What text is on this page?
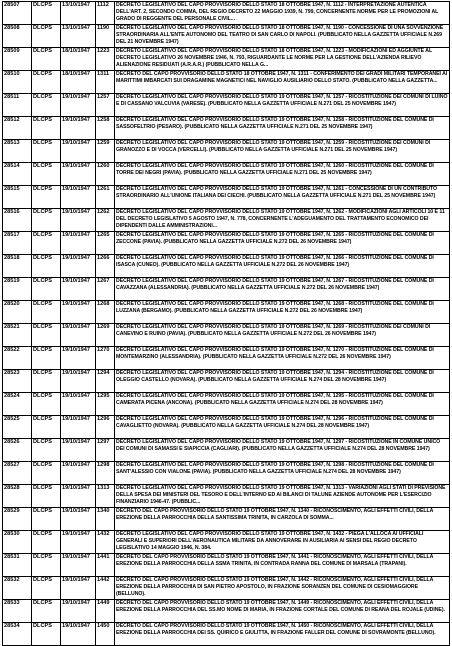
28507	DLCPS	13/10/1947	1112	DECRETO LEGISLATIVO DEL CAPO PROVVISORIO DELLO STATO 18 OTTOBRE 1947, N. 1112 - INTERPRETAZIONE AUTENTICA DELL'ART. 2, SECONDO COMMA, DEL REGIO DECRETO 22 MAGGIO 1939, N. 799, CONCERNENTE NORME PER LE PROMOZIONI AL GRADO DI REGGENTE DEL PERSONALE CIVIL...

28508	DLCPS	13/10/1947	1190	DECRETO LEGISLATIVO DEL CAPO PROVVISORIO DELLO STATO 18 OTTOBRE 1947, N. 1190 - CONCESSIONE DI UNA SOVVENZIONE STRAORDINARIA ALL'ENTE AUTONOMO DEL TEATRO DI SAN CARLO DI NAPOLI. (PUBBLICATO NELLA GAZZETTA UFFICIALE N.269 DEL 21 NOVEMBRE 1947)

28509	DLCPS	18/10/1947	1223	DECRETO LEGISLATIVO DEL CAPO PROVVISORIO DELLO STATO 18 OTTOBRE 1947, N. 1223 - MODIFICAZIONI ED AGGIUNTE AL DECRETO LEGISLATIVO 26 NOVEMBRE 1946, N. 793, RIGUARDANTE LE NORME PER LA GESTIONE DELL'AZIENDA RILIEVO ALIENAZIONE RESIDUATI (A.R.A.R.) (PUBBLICATO NELLA G...

28510	DLCPS	18/10/1947	1311	DECRETO DEL CAPO PROVVISORIO DELLO STATO 18 OTTOBRE 1947, N. 1311 - CONFERIMENTO DEI GRADI MILITARI TEMPORANEI AI MARITTIMI IMBARCATI SUI DRAGAMINE MAGNETICI NEL NAVIGLIO AUSILIARIO DELLO STATO. (PUBBLICATO NELLA GAZZETTA...

28511	DLCPS	19/10/1947	1257	DECRETO LEGISLATIVO DEL CAPO PROVVISORIO DELLO STATO 19 OTTOBRE 1947, N. 1257 - RICOSTITUZIONE DEI COMUNI DI LUINO E DI CASSANO VALCUVIA (VARESE). (PUBBLICATO NELLA GAZZETTA UFFICIALE N.271 DEL 25 NOVEMBRE 1947)

28512	DLCPS	19/10/1947	1258	DECRETO LEGISLATIVO DEL CAPO PROVVISORIO DELLO STATO 19 OTTOBRE 1947, N. 1258 - RICOSTITUZIONE DEL COMUNE DI SASSOFELTRIO (PESARO). (PUBBLICATO NELLA GAZZETTA UFFICIALE N.271 DEL 25 NOVEMBRE 1947)

28513	DLCPS	19/10/1947	1259	DECRETO LEGISLATIVO DEL CAPO PROVVISORIO DELLO STATO 19 OTTOBRE 1947, N. 1259 - RICOSTITUZIONE DEI COMUNI DI GRANOZZO E DI VOCCA (VERCELLI). (PUBBLICATO NELLA GAZZETTA UFFICIALE N.271 DEL 25 NOVEMBRE 1947)

28514	DLCPS	19/10/1947	1260	DECRETO LEGISLATIVO DEL CAPO PROVVISORIO DELLO STATO 19 OTTOBRE 1947, N. 1260 - RICOSTITUZIONE DEL COMUNE DI TORRE DEI NEGRI (PAVIA). (PUBBLICATO NELLA GAZZETTA UFFICIALE N.271 DEL 25 NOVEMBRE 1947)

28515	DLCPS	19/10/1947	1261	DECRETO LEGISLATIVO DEL CAPO PROVVISORIO DELLO STATO 19 OTTOBRE 1947, N. 1261 - CONCESSIONE DI UN CONTRIBUTO STRAORDINARIO ALL'UNIONE ITALIANA DEI CIECHI. (PUBBLICATO NELLA GAZZETTA UFFICIALE N.271 DEL 25 NOVEMBRE 1947)

28516	DLCPS	19/10/1947	1262	DECRETO LEGISLATIVO DEL CAPO PROVVISORIO DELLO STATO 19 OTTOBRE 1947, N. 1262 - MODIFICAZIONI AGLI ARTICOLI 10 E 11 DEL DECRETO LEGISLATIVO 5 AGOSTO 1947, N. 778, CONCERNENTE L'ADEGUAMENTO DEL TRATTAMENTO ECONOMICO DEI DIPENDENTI DALLE AMMINISTRAZIONI...

28517	DLCPS	19/10/1947	1265	DECRETO LEGISLATIVO DEL CAPO PROVVISORIO DELLO STATO 19 OTTOBRE 1947, N. 1265 - RICOSTITUZIONE DEL COMUNE DI ZECCONE (PAVIA). (PUBBLICATO NELLA GAZZETTA UFFICIALE N.272 DEL 26 NOVEMBRE 1947)

28518	DLCPS	19/10/1947	1266	DECRETO LEGISLATIVO DEL CAPO PROVVISORIO DELLO STATO 19 OTTOBRE 1947, N. 1266 - RICOSTITUZIONE DEL COMUNE DI ISASCA (CUNEO). (PUBBLICATO NELLA GAZZETTA UFFICIALE N.272 DEL 26 NOVEMBRE 1947)

28519	DLCPS	19/10/1947	1267	DECRETO LEGISLATIVO DEL CAPO PROVVISORIO DELLO STATO 19 OTTOBRE 1947, N. 1267 - RICOSTITUZIONE DEL COMUNE DI CAVAZZANA (ALESSANDRIA). (PUBBLICATO NELLA GAZZETTA UFFICIALE N.272 DEL 26 NOVEMBRE 1947)

28520	DLCPS	19/10/1947	1268	DECRETO LEGISLATIVO DEL CAPO PROVVISORIO DELLO STATO 19 OTTOBRE 1947, N. 1268 - RICOSTITUZIONE DEL COMUNE DI LUZZANA (BERGAMO). (PUBBLICATO NELLA GAZZETTA UFFICIALE N.272 DEL 26 NOVEMBRE 1947)

28521	DLCPS	19/10/1947	1269	DECRETO LEGISLATIVO DEL CAPO PROVVISORIO DELLO STATO 19 OTTOBRE 1947, N. 1269 - RICOSTITUZIONE DEI COMUNI DI CANEVINO E RUINO (PAVIA). (PUBBLICATO NELLA GAZZETTA UFFICIALE N.272 DEL 26 NOVEMBRE 1947)

28522	DLCPS	19/10/1947	1270	DECRETO LEGISLATIVO DEL CAPO PROVVISORIO DELLO STATO 19 OTTOBRE 1947, N. 1270 - RICOSTITUZIONE DEL COMUNE DI MONTEMARZINO (ALESSANDRIA). (PUBBLICATO NELLA GAZZETTA UFFICIALE N.272 DEL 26 NOVEMBRE 1947)

28523	DLCPS	19/10/1947	1294	DECRETO LEGISLATIVO DEL CAPO PROVVISORIO DELLO STATO 19 OTTOBRE 1947, N. 1294 - RICOSTITUZIONE DEL COMUNE DI OLEGGIO CASTELLO (NOVARA). (PUBBLICATO NELLA GAZZETTA UFFICIALE N.274 DEL 28 NOVEMBRE 1947)

28524	DLCPS	19/10/1947	1295	DECRETO LEGISLATIVO DEL CAPO PROVVISORIO DELLO STATO 19 OTTOBRE 1947, N. 1295 - RICOSTITUZIONE DEL COMUNE DI CAMERATA PICENA (ANCONA). (PUBBLICATO NELLA GAZZETTA UFFICIALE N.274 DEL 28 NOVEMBRE 1947)

28525	DLCPS	19/10/1947	1296	DECRETO LEGISLATIVO DEL CAPO PROVVISORIO DELLO STATO 19 OTTOBRE 1947, N. 1296 - RICOSTITUZIONE DEL COMUNE DI CAVAGLIETTO (NOVARA). (PUBBLICATO NELLA GAZZETTA UFFICIALE N.274 DEL 28 NOVEMBRE 1947)

28526	DLCPS	19/10/1947	1297	DECRETO LEGISLATIVO DEL CAPO PROVVISORIO DELLO STATO 19 OTTOBRE 1947, N. 1297 - RICOSTITUZIONE IN COMUNE UNICO DEI COMUNI DI SAMASSI E SIAPICCIA (CAGLIARI). (PUBBLICATO NELLA GAZZETTA UFFICIALE N.274 DEL 28 NOVEMBRE 1947)

28527	DLCPS	19/10/1947	1298	DECRETO LEGISLATIVO DEL CAPO PROVVISORIO DELLO STATO 19 OTTOBRE 1947, N. 1298 - RICOSTITUZIONE DEL COMUNE DI SANT'ALESSIO CON VIALONE (PAVIA). (PUBBLICATO NELLA GAZZETTA UFFICIALE N.274 DEL 28 NOVEMBRE 1947)

28528	DLCPS	19/10/1947	1313	DECRETO LEGISLATIVO DEL CAPO PROVVISORIO DELLO STATO 19 OTTOBRE 1947, N. 1313 - VARIAZIONI AGLI STATI DI PREVISIONE DELLA SPESA DEI MINISTERI DEL TESORO E DELL'INTERNO ED AI BILANCI DI TALUNE AZIENDE AUTONOME PER L'ESERCIZIO FINANZIARIO 1946-47. (PUBBLIC...

28529	DLCPS	19/10/1947	1340	DECRETO DEL CAPO PROVVISORIO DELLO STATO 19 OTTOBRE 1947, N. 1340 - RICONOSCIMENTO, AGLI EFFETTI CIVILI, DELLA EREZIONE DELLA PARROCCHIA DELLA SANTISSIMA TRINITA, IN CARZOLA DI SOMMA...

28530	DLCPS	19/10/1947	1432	DECRETO LEGISLATIVO DEL CAPO PROVVISORIO DELLO STATO 19 OTTOBRE 1947, N. 1432 - PIEGA L'ALLOCA AI UFFICIALI GENERALI E SUPERIORI DELL'AERONAUTICA MILITARE DA ANNOVERARE IN AUSILIARIA AI SENSI DEL REGIO DECRETO LEGISLATIVO 14 MAGGIO 1946, N. 384.

28531	DLCPS	19/10/1947	1441	DECRETO DEL CAPO PROVVISORIO DELLO STATO 19 OTTOBRE 1947, N. 1441 - RICONOSCIMENTO, AGLI EFFETTI CIVILI, DELLA EREZIONE DELLA PARROCCHIA DELLA SSMA TRINITA, IN CONTRADA RANNA DEL COMUNE DI MARSALA (TRAPANI).

28532	DLCPS	19/10/1947	1442	DECRETO DEL CAPO PROVVISORIO DELLO STATO 19 OTTOBRE 1947, N. 1442 - RICONOSCIMENTO, AGLI EFFETTI CIVILI, DELLA EREZIONE DELLA PARROCCHIA DI SAN PIETRO APOSTOLO, IN FRAZIONE SORANZEN DEL COMUNE DI CESIOMAGGIORE (BELLUNO).

28533	DLCPS	19/10/1947	1449	DECRETO DEL CAPO PROVVISORIO DELLO STATO 19 OTTOBRE 1947, N. 1449 - RICONOSCIMENTO, AGLI EFFETTI CIVILI, DELLA EREZIONE DELLA PARROCCHIA DEL SS.MO NOME DI MARIA, IN FRAZIONE CORTALE DEL COMUNE DI REANA DEL ROJALE (UDINE).

28534	DLCPS	19/10/1947	1450	DECRETO DEL CAPO PROVVISORIO DELLO STATO 19 OTTOBRE 1947, N. 1450 - RICONOSCIMENTO, AGLI EFFETTI CIVILI, DELLA EREZIONE DELLA PARROCCHIA DEI SS. QUIRICO E GIULITTA, IN FRAZIONE FALLER DEL COMUNE DI SOVRAMONTE (BELLUNO).
